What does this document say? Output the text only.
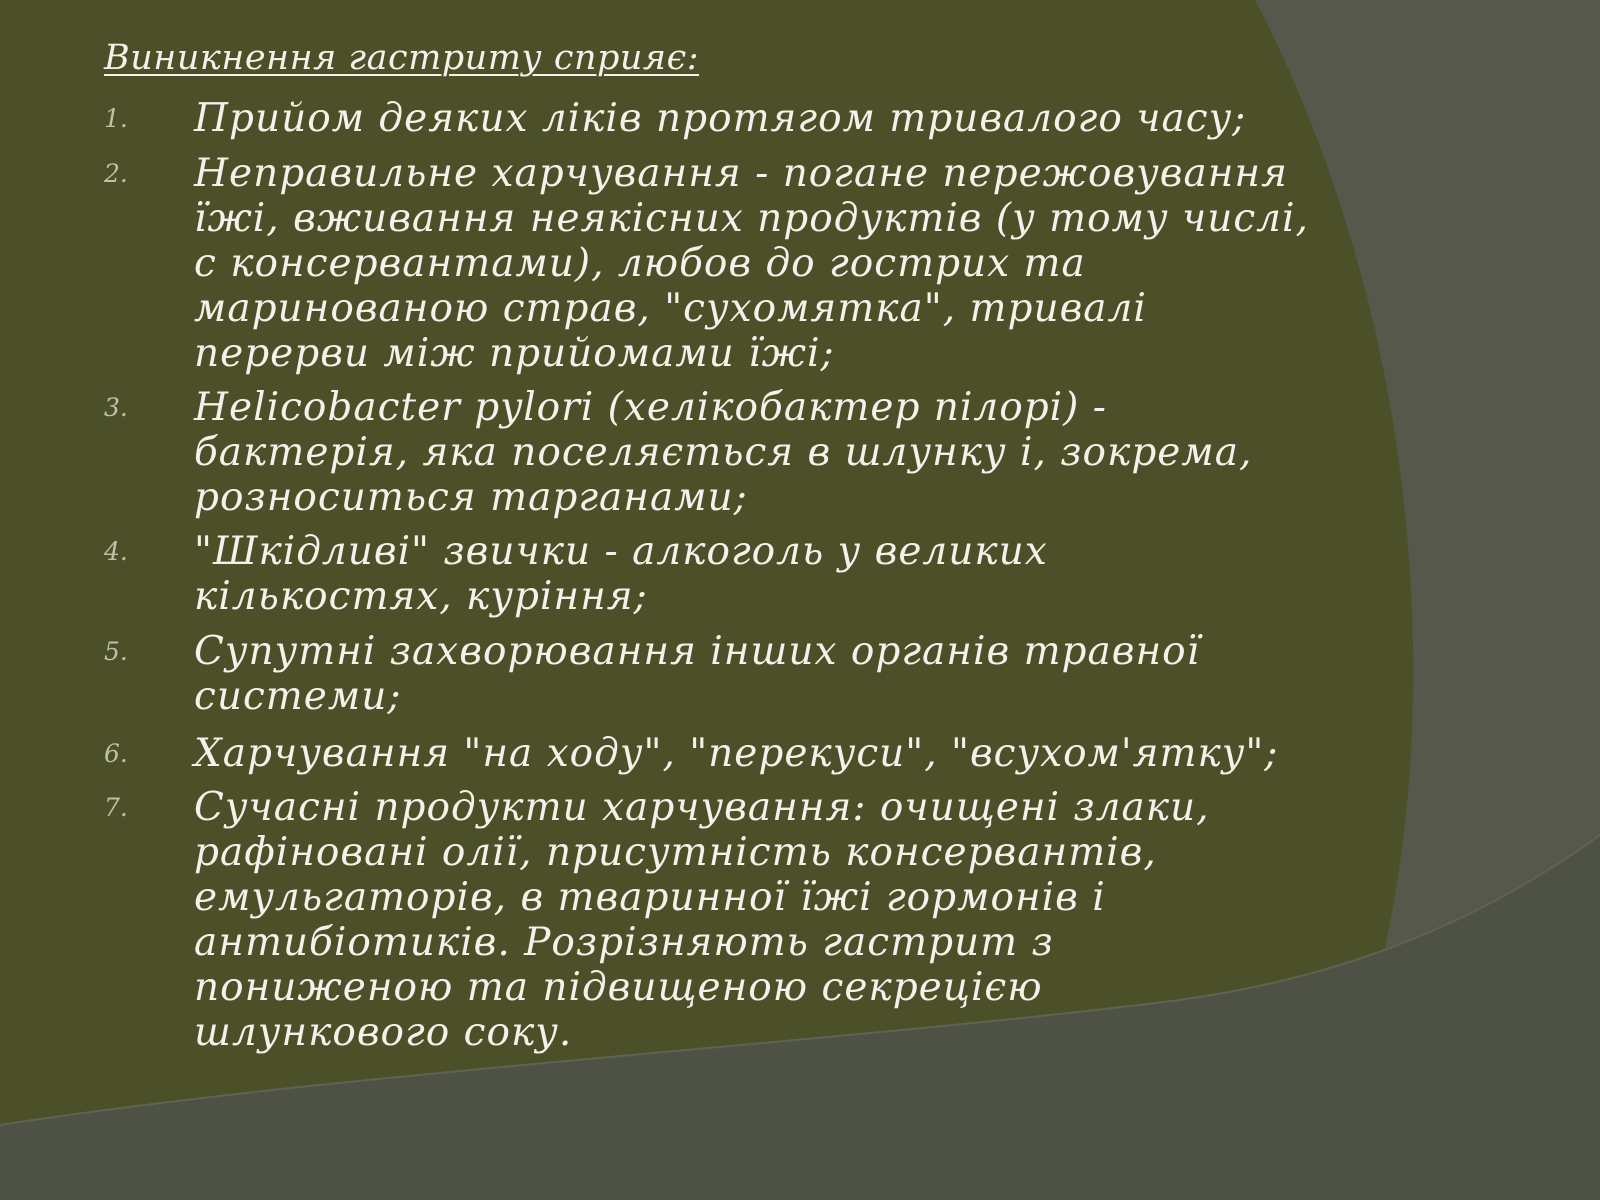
Виникнення гастриту сприяє:
1. Прийом деяких ліків протягом тривалого часу;
2. Неправильне харчування - погане пережовування
їжі, вживання неякісних продуктів (у тому числі,
с консервантами), любов до гострих та
маринованою страв, "сухомятка", тривалі
перерви між прийомами їжі;
3. Helicobacter pylori (хелікобактер пілорі) -
бактерія, яка поселяється в шлунку і, зокрема,
розноситься тарганами;
4. "Шкідливі" звички - алкоголь у великих
кількостях, куріння;
5. Супутні захворювання інших органів травної
системи;
6. Харчування "на ходу", "перекуси", "всухом'ятку";
7. Сучасні продукти харчування: очищені злаки,
рафіновані олії, присутність консервантів,
емульгаторів, в тваринної їжі гормонів і
антибіотиків. Розрізняють гастрит з
пониженою та підвищеною секрецією
шлункового соку.
